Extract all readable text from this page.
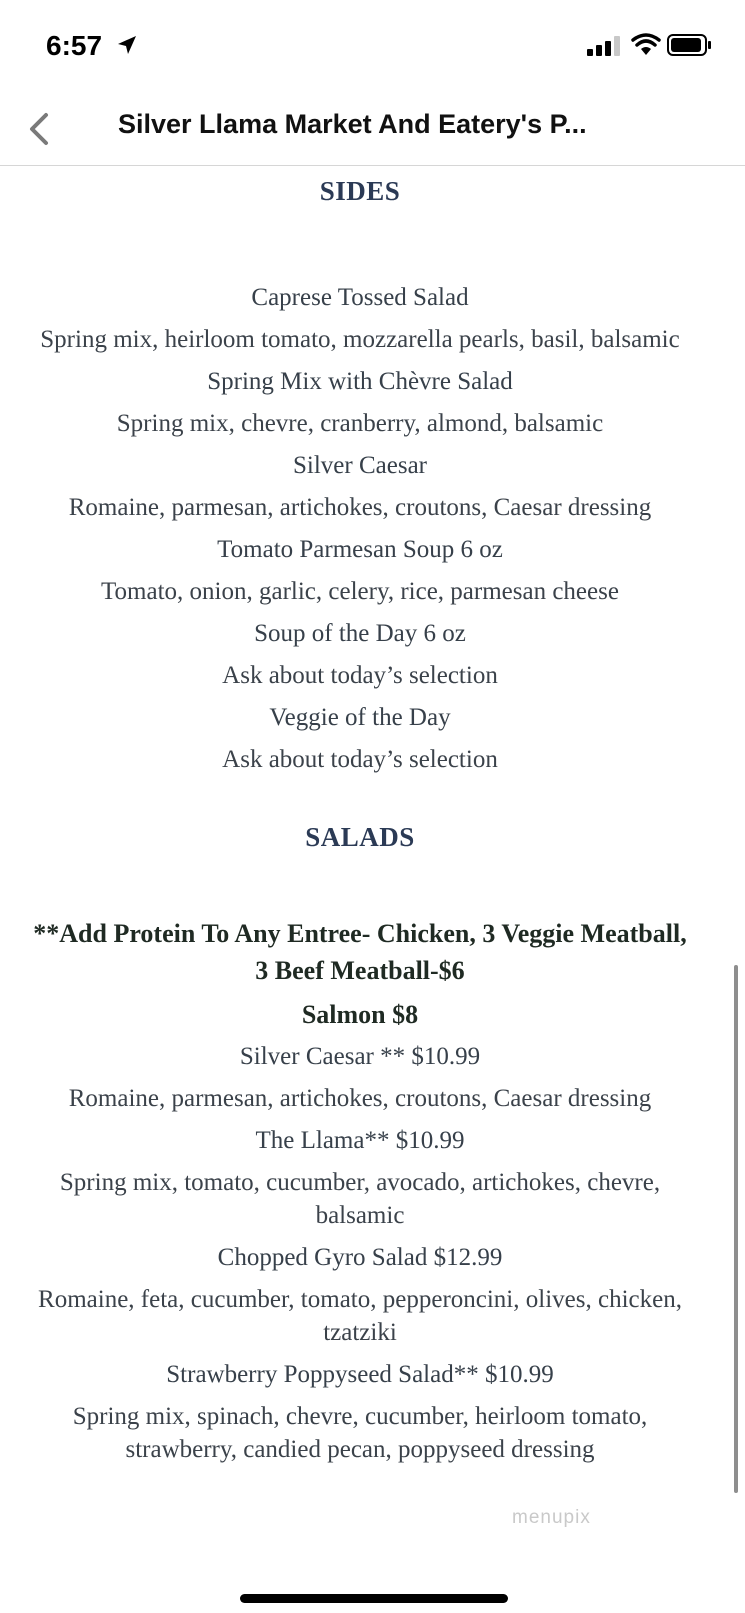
6:57
Silver Llama Market And Eatery's P...
SIDES
Caprese Tossed Salad
Spring mix, heirloom tomato, mozzarella pearls, basil, balsamic
Spring Mix with Chèvre Salad
Spring mix, chevre, cranberry, almond, balsamic
Silver Caesar
Romaine, parmesan, artichokes, croutons, Caesar dressing
Tomato Parmesan Soup 6 oz
Tomato, onion, garlic, celery, rice, parmesan cheese
Soup of the Day 6 oz
Ask about today’s selection
Veggie of the Day
Ask about today’s selection
SALADS
**Add Protein To Any Entree- Chicken, 3 Veggie Meatball, 3 Beef Meatball-$6
Salmon $8
Silver Caesar ** $10.99
Romaine, parmesan, artichokes, croutons, Caesar dressing
The Llama** $10.99
Spring mix, tomato, cucumber, avocado, artichokes, chevre, balsamic
Chopped Gyro Salad $12.99
Romaine, feta, cucumber, tomato, pepperoncini, olives, chicken, tzatziki
Strawberry Poppyseed Salad** $10.99
Spring mix, spinach, chevre, cucumber, heirloom tomato, strawberry, candied pecan, poppyseed dressing
menupix
